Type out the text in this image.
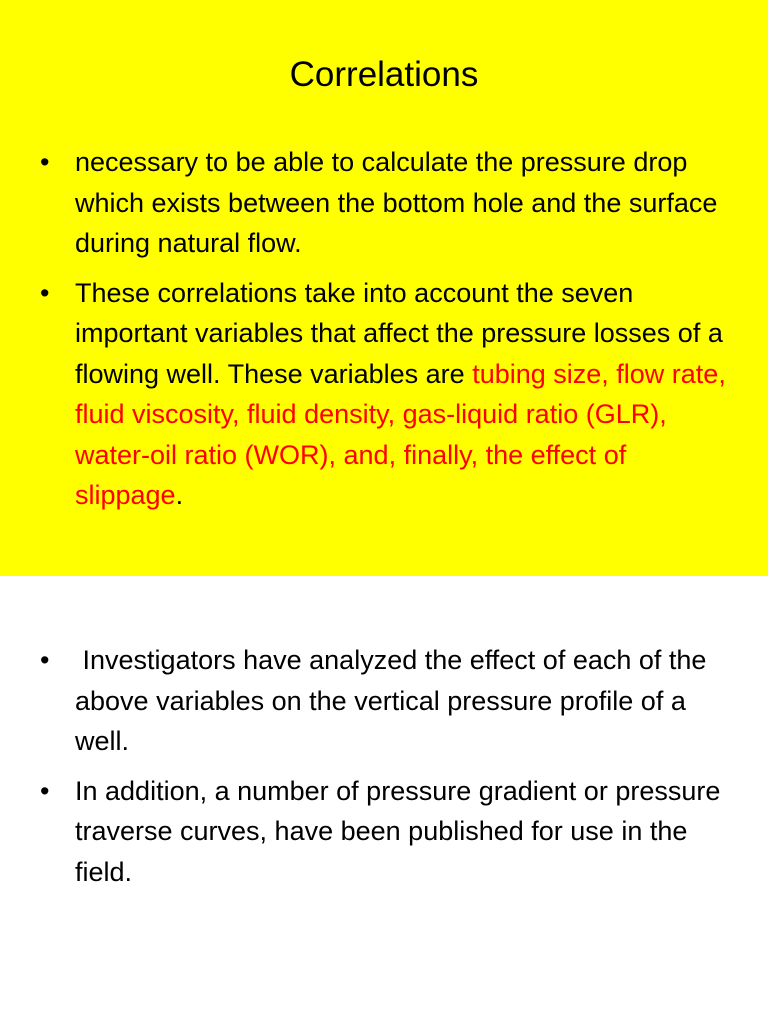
Correlations
• necessary to be able to calculate the pressure drop which exists between the bottom hole and the surface during natural flow.
• These correlations take into account the seven important variables that affect the pressure losses of a flowing well. These variables are tubing size, flow rate, fluid viscosity, fluid density, gas-liquid ratio (GLR), water-oil ratio (WOR), and, finally, the effect of slippage.
• Investigators have analyzed the effect of each of the above variables on the vertical pressure profile of a well.
• In addition, a number of pressure gradient or pressure traverse curves, have been published for use in the field.
